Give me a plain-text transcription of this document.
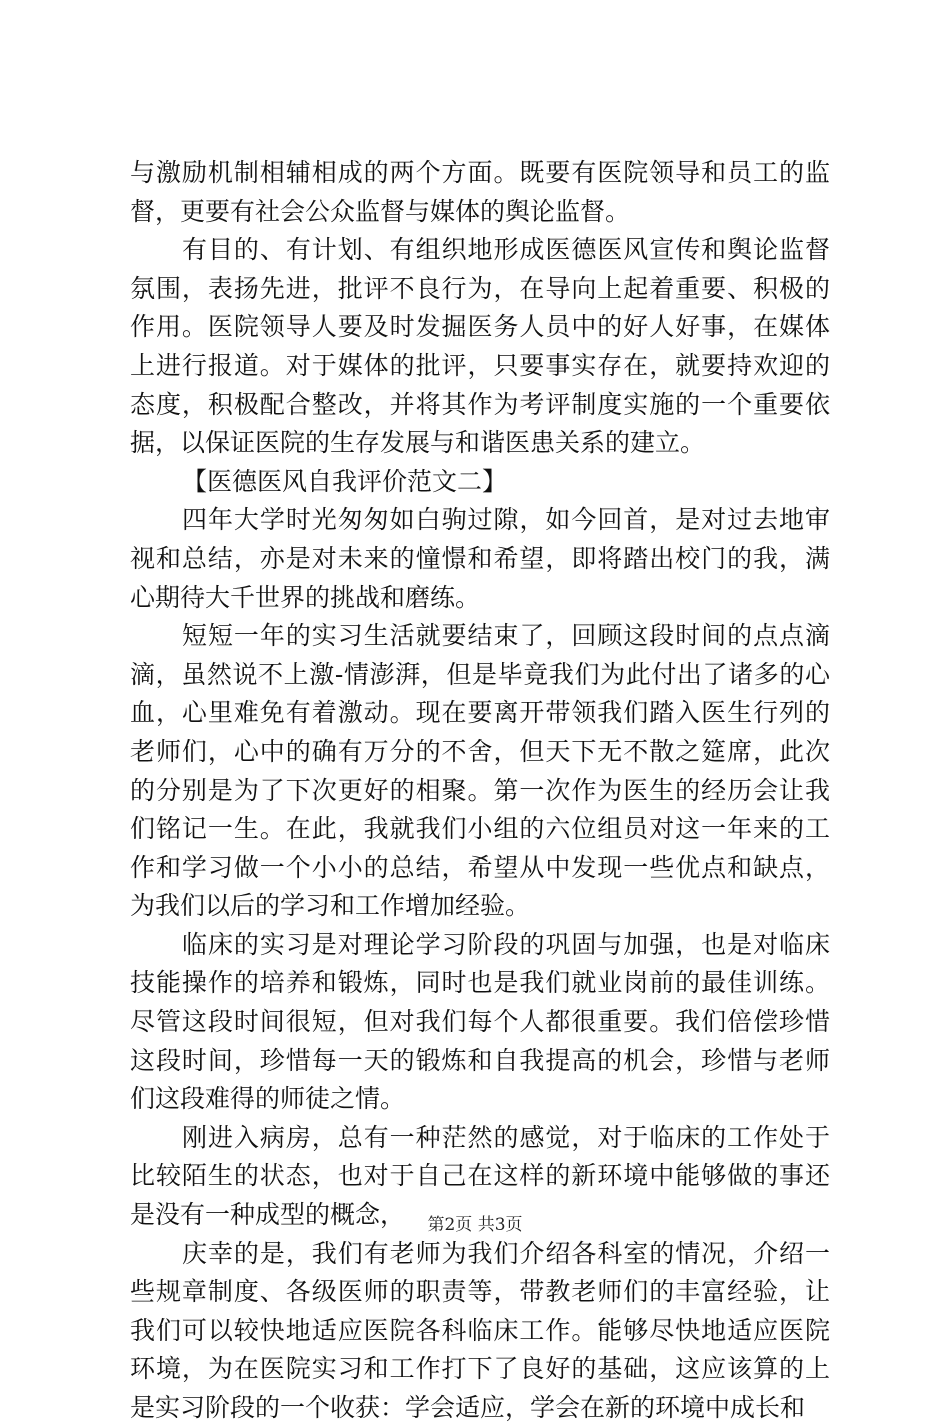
与激励机制相辅相成的两个方面。既要有医院领导和员工的监
督，更要有社会公众监督与媒体的舆论监督。
有目的、有计划、有组织地形成医德医风宣传和舆论监督
氛围，表扬先进，批评不良行为，在导向上起着重要、积极的
作用。医院领导人要及时发掘医务人员中的好人好事，在媒体
上进行报道。对于媒体的批评，只要事实存在，就要持欢迎的
态度，积极配合整改，并将其作为考评制度实施的一个重要依
据，以保证医院的生存发展与和谐医患关系的建立。
【医德医风自我评价范文二】
四年大学时光匆匆如白驹过隙，如今回首，是对过去地审
视和总结，亦是对未来的憧憬和希望，即将踏出校门的我，满
心期待大千世界的挑战和磨练。
短短一年的实习生活就要结束了，回顾这段时间的点点滴
滴，虽然说不上激-情澎湃，但是毕竟我们为此付出了诸多的心
血，心里难免有着激动。现在要离开带领我们踏入医生行列的
老师们，心中的确有万分的不舍，但天下无不散之筵席，此次
的分别是为了下次更好的相聚。第一次作为医生的经历会让我
们铭记一生。在此，我就我们小组的六位组员对这一年来的工
作和学习做一个小小的总结，希望从中发现一些优点和缺点，
为我们以后的学习和工作增加经验。
临床的实习是对理论学习阶段的巩固与加强，也是对临床
技能操作的培养和锻炼，同时也是我们就业岗前的最佳训练。
尽管这段时间很短，但对我们每个人都很重要。我们倍偿珍惜
这段时间，珍惜每一天的锻炼和自我提高的机会，珍惜与老师
们这段难得的师徒之情。
刚进入病房，总有一种茫然的感觉，对于临床的工作处于
比较陌生的状态，也对于自己在这样的新环境中能够做的事还
是没有一种成型的概念，
庆幸的是，我们有老师为我们介绍各科室的情况，介绍一
些规章制度、各级医师的职责等，带教老师们的丰富经验，让
我们可以较快地适应医院各科临床工作。能够尽快地适应医院
环境，为在医院实习和工作打下了良好的基础，这应该算的上
是实习阶段的一个收获：学会适应，学会在新的环境中成长和
第2页 共3页
